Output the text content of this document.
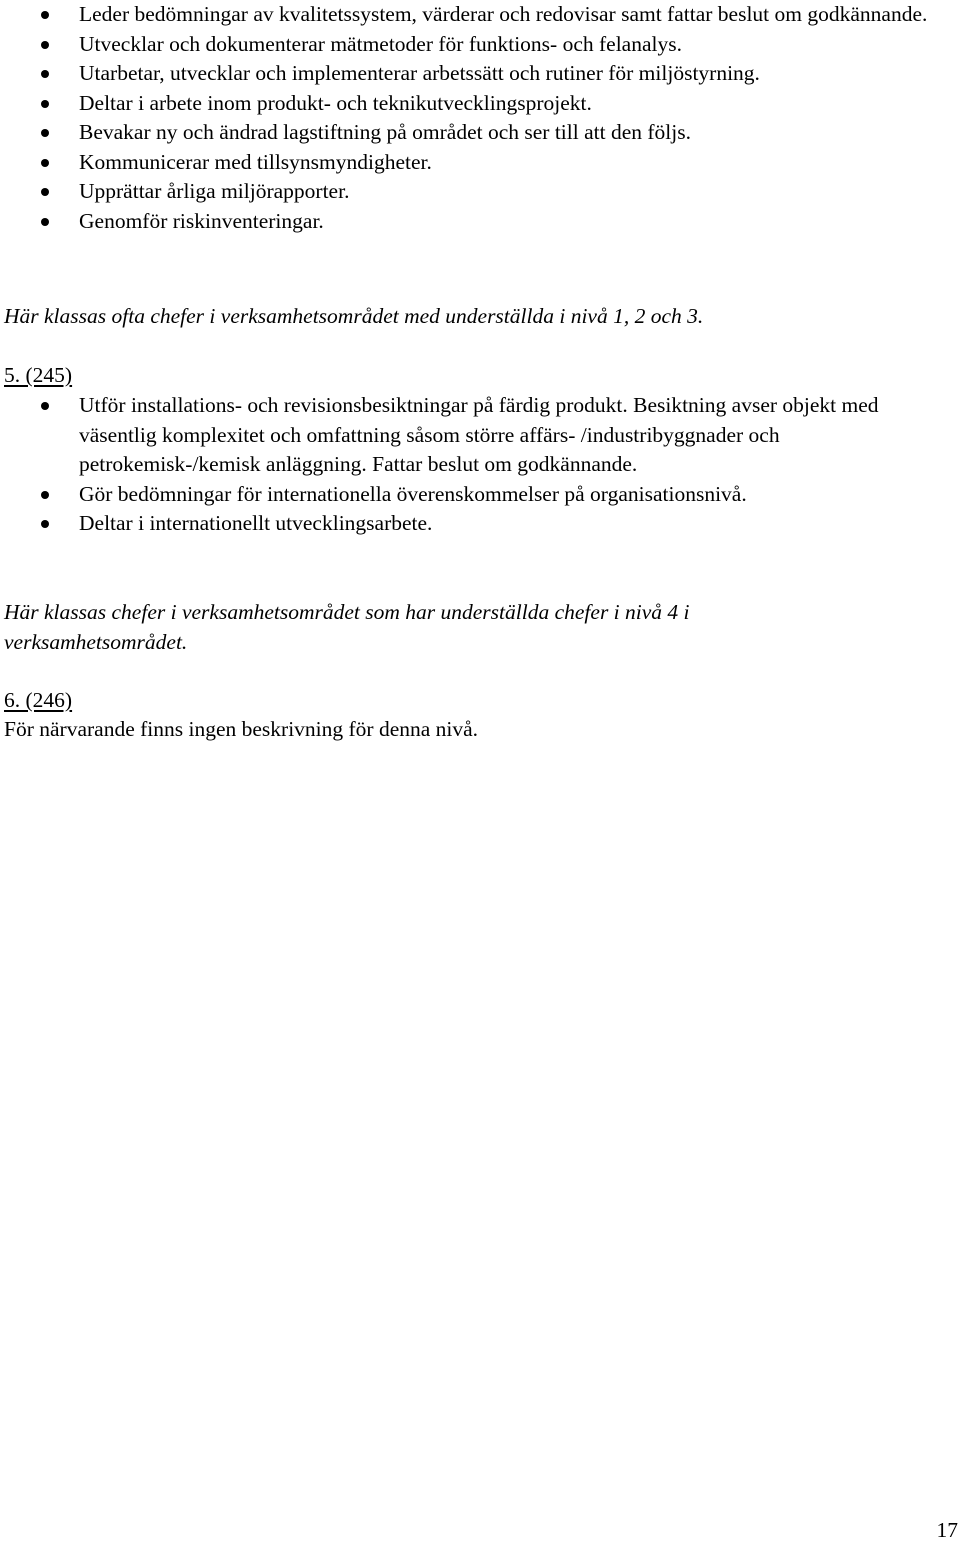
Leder bedömningar av kvalitetssystem, värderar och redovisar samt fattar beslut om godkännande.
Utvecklar och dokumenterar mätmetoder för funktions- och felanalys.
Utarbetar, utvecklar och implementerar arbetssätt och rutiner för miljöstyrning.
Deltar i arbete inom produkt- och teknikutvecklingsprojekt.
Bevakar ny och ändrad lagstiftning på området och ser till att den följs.
Kommunicerar med tillsynsmyndigheter.
Upprättar årliga miljörapporter.
Genomför riskinventeringar.

Här klassas ofta chefer i verksamhetsområdet med underställda i nivå 1, 2 och 3.

5. (245)

Utför installations- och revisionsbesiktningar på färdig produkt. Besiktning avser objekt med väsentlig komplexitet och omfattning såsom större affärs- /industribyggnader och petrokemisk-/kemisk anläggning. Fattar beslut om godkännande.
Gör bedömningar för internationella överenskommelser på organisationsnivå.
Deltar i internationellt utvecklingsarbete.

Här klassas chefer i verksamhetsområdet som har underställda chefer i nivå 4 i verksamhetsområdet.

6. (246)

För närvarande finns ingen beskrivning för denna nivå.

17
